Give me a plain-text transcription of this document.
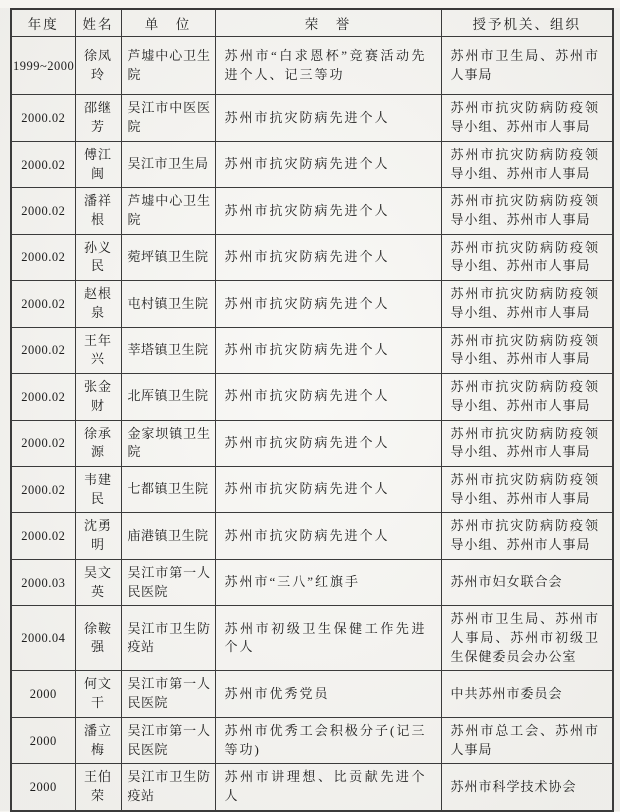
年度	姓名	单　位	荣　誉	授予机关、组织
1999~2000	徐凤玲	芦墟中心卫生院	苏州市“白求恩杯”竞赛活动先进个人、记三等功	苏州市卫生局、苏州市人事局
2000.02	邵继芳	吴江市中医医院	苏州市抗灾防病先进个人	苏州市抗灾防病防疫领导小组、苏州市人事局
2000.02	傅江闽	吴江市卫生局	苏州市抗灾防病先进个人	苏州市抗灾防病防疫领导小组、苏州市人事局
2000.02	潘祥根	芦墟中心卫生院	苏州市抗灾防病先进个人	苏州市抗灾防病防疫领导小组、苏州市人事局
2000.02	孙义民	菀坪镇卫生院	苏州市抗灾防病先进个人	苏州市抗灾防病防疫领导小组、苏州市人事局
2000.02	赵根泉	屯村镇卫生院	苏州市抗灾防病先进个人	苏州市抗灾防病防疫领导小组、苏州市人事局
2000.02	王年兴	莘塔镇卫生院	苏州市抗灾防病先进个人	苏州市抗灾防病防疫领导小组、苏州市人事局
2000.02	张金财	北厍镇卫生院	苏州市抗灾防病先进个人	苏州市抗灾防病防疫领导小组、苏州市人事局
2000.02	徐承源	金家坝镇卫生院	苏州市抗灾防病先进个人	苏州市抗灾防病防疫领导小组、苏州市人事局
2000.02	韦建民	七都镇卫生院	苏州市抗灾防病先进个人	苏州市抗灾防病防疫领导小组、苏州市人事局
2000.02	沈勇明	庙港镇卫生院	苏州市抗灾防病先进个人	苏州市抗灾防病防疫领导小组、苏州市人事局
2000.03	吴文英	吴江市第一人民医院	苏州市“三八”红旗手	苏州市妇女联合会
2000.04	徐鞍强	吴江市卫生防疫站	苏州市初级卫生保健工作先进个人	苏州市卫生局、苏州市人事局、苏州市初级卫生保健委员会办公室
2000	何文干	吴江市第一人民医院	苏州市优秀党员	中共苏州市委员会
2000	潘立梅	吴江市第一人民医院	苏州市优秀工会积极分子(记三等功)	苏州市总工会、苏州市人事局
2000	王伯荣	吴江市卫生防疫站	苏州市讲理想、比贡献先进个人	苏州市科学技术协会
